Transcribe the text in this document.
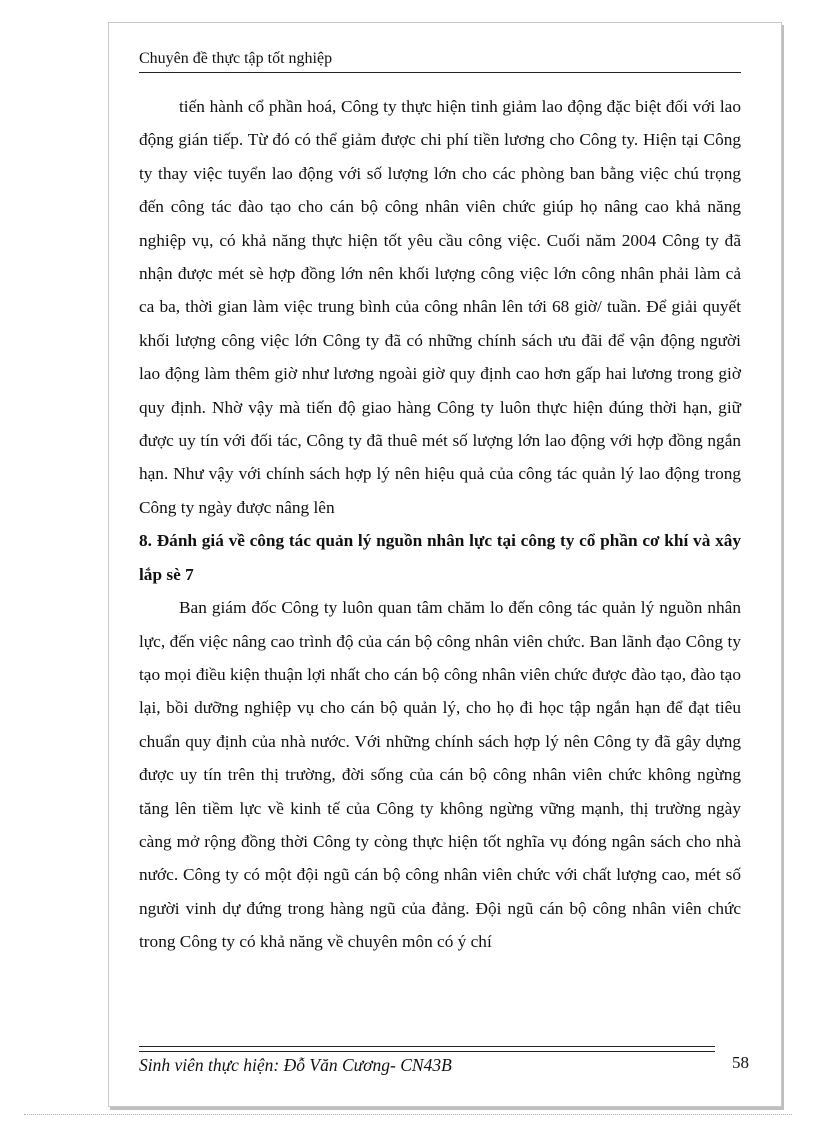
Chuyên đề thực tập tốt nghiệp

tiến hành cổ phần hoá, Công ty thực hiện tinh giảm lao động đặc biệt đối với lao động gián tiếp. Từ đó có thể giảm được chi phí tiền lương cho Công ty. Hiện tại Công ty thay việc tuyển lao động với số lượng lớn cho các phòng ban bằng việc chú trọng đến công tác đào tạo cho cán bộ công nhân viên chức giúp họ nâng cao khả năng nghiệp vụ, có khả năng thực hiện tốt yêu cầu công việc. Cuối năm 2004 Công ty đã nhận được mét sè hợp đồng lớn nên khối lượng công việc lớn công nhân phải làm cả ca ba, thời gian làm việc trung bình của công nhân lên tới 68 giờ/ tuần. Để giải quyết khối lượng công việc lớn Công ty đã có những chính sách ưu đãi để vận động người lao động làm thêm giờ như lương ngoài giờ quy định cao hơn gấp hai lương trong giờ quy định. Nhờ vậy mà tiến độ giao hàng Công ty luôn thực hiện đúng thời hạn, giữ được uy tín với đối tác, Công ty đã thuê mét số lượng lớn lao động với hợp đồng ngắn hạn. Như vậy với chính sách hợp lý nên hiệu quả của công tác quản lý lao động trong Công ty ngày được nâng lên

8. Đánh giá về công tác quản lý nguồn nhân lực tại công ty cổ phần cơ khí và xây lắp sè 7

Ban giám đốc Công ty luôn quan tâm chăm lo đến công tác quản lý nguồn nhân lực, đến việc nâng cao trình độ của cán bộ công nhân viên chức. Ban lãnh đạo Công ty tạo mọi điều kiện thuận lợi nhất cho cán bộ công nhân viên chức được đào tạo, đào tạo lại, bồi dưỡng nghiệp vụ cho cán bộ quản lý, cho họ đi học tập ngắn hạn để đạt tiêu chuẩn quy định của nhà nước. Với những chính sách hợp lý nên Công ty đã gây dựng được uy tín trên thị trường, đời sống của cán bộ công nhân viên chức không ngừng tăng lên tiềm lực về kinh tế của Công ty không ngừng vững mạnh, thị trường ngày càng mở rộng đồng thời Công ty còng thực hiện tốt nghĩa vụ đóng ngân sách cho nhà nước. Công ty có một đội ngũ cán bộ công nhân viên chức với chất lượng cao, mét số người vinh dự đứng trong hàng ngũ của đảng. Đội ngũ cán bộ công nhân viên chức trong Công ty có khả năng về chuyên môn có ý chí

Sinh viên thực hiện: Đỗ Văn Cương- CN43B	58
